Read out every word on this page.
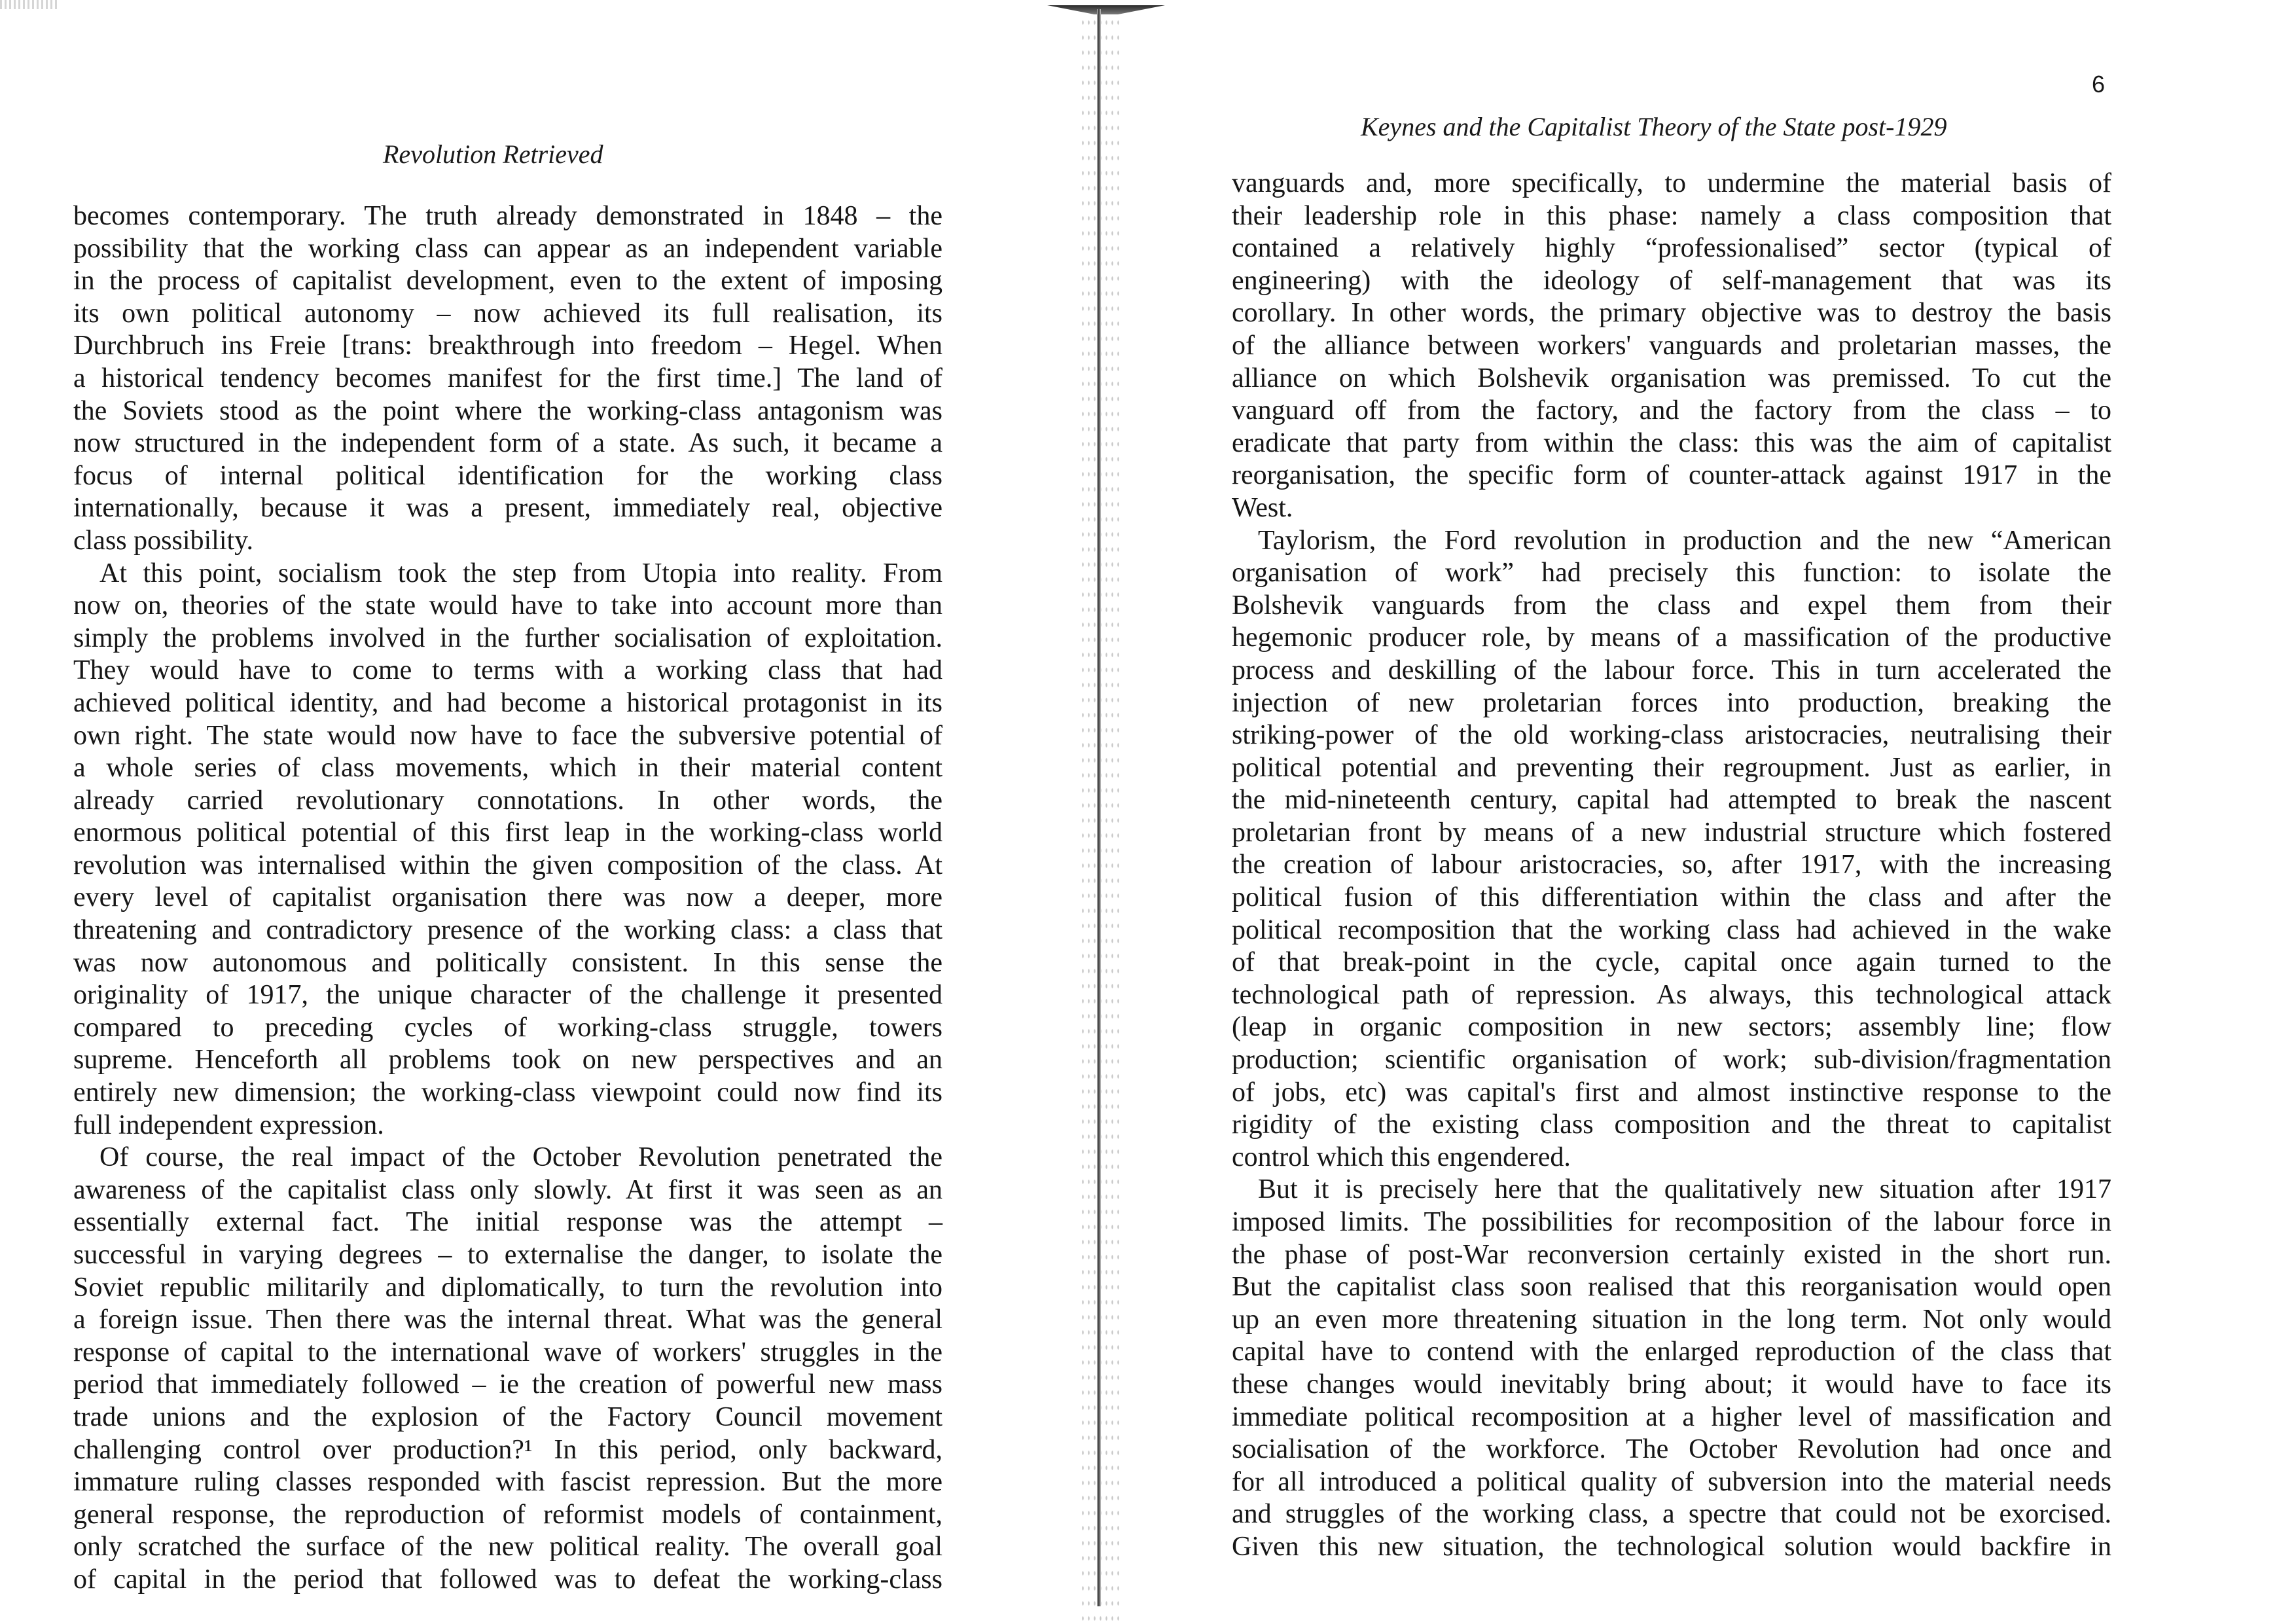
Revolution Retrieved
becomes contemporary. The truth already demonstrated in 1848 – the
possibility that the working class can appear as an independent variable
in the process of capitalist development, even to the extent of imposing
its own political autonomy – now achieved its full realisation, its
Durchbruch ins Freie [trans: breakthrough into freedom – Hegel. When
a historical tendency becomes manifest for the first time.] The land of
the Soviets stood as the point where the working-class antagonism was
now structured in the independent form of a state. As such, it became a
focus of internal political identification for the working class
internationally, because it was a present, immediately real, objective
class possibility.
At this point, socialism took the step from Utopia into reality. From
now on, theories of the state would have to take into account more than
simply the problems involved in the further socialisation of exploitation.
They would have to come to terms with a working class that had
achieved political identity, and had become a historical protagonist in its
own right. The state would now have to face the subversive potential of
a whole series of class movements, which in their material content
already carried revolutionary connotations. In other words, the
enormous political potential of this first leap in the working-class world
revolution was internalised within the given composition of the class. At
every level of capitalist organisation there was now a deeper, more
threatening and contradictory presence of the working class: a class that
was now autonomous and politically consistent. In this sense the
originality of 1917, the unique character of the challenge it presented
compared to preceding cycles of working-class struggle, towers
supreme. Henceforth all problems took on new perspectives and an
entirely new dimension; the working-class viewpoint could now find its
full independent expression.
Of course, the real impact of the October Revolution penetrated the
awareness of the capitalist class only slowly. At first it was seen as an
essentially external fact. The initial response was the attempt –
successful in varying degrees – to externalise the danger, to isolate the
Soviet republic militarily and diplomatically, to turn the revolution into
a foreign issue. Then there was the internal threat. What was the general
response of capital to the international wave of workers' struggles in the
period that immediately followed – ie the creation of powerful new mass
trade unions and the explosion of the Factory Council movement
challenging control over production?¹ In this period, only backward,
immature ruling classes responded with fascist repression. But the more
general response, the reproduction of reformist models of containment,
only scratched the surface of the new political reality. The overall goal
of capital in the period that followed was to defeat the working-class
6
Keynes and the Capitalist Theory of the State post-1929
vanguards and, more specifically, to undermine the material basis of
their leadership role in this phase: namely a class composition that
contained a relatively highly “professionalised” sector (typical of
engineering) with the ideology of self-management that was its
corollary. In other words, the primary objective was to destroy the basis
of the alliance between workers' vanguards and proletarian masses, the
alliance on which Bolshevik organisation was premissed. To cut the
vanguard off from the factory, and the factory from the class – to
eradicate that party from within the class: this was the aim of capitalist
reorganisation, the specific form of counter-attack against 1917 in the
West.
Taylorism, the Ford revolution in production and the new “American
organisation of work” had precisely this function: to isolate the
Bolshevik vanguards from the class and expel them from their
hegemonic producer role, by means of a massification of the productive
process and deskilling of the labour force. This in turn accelerated the
injection of new proletarian forces into production, breaking the
striking-power of the old working-class aristocracies, neutralising their
political potential and preventing their regroupment. Just as earlier, in
the mid-nineteenth century, capital had attempted to break the nascent
proletarian front by means of a new industrial structure which fostered
the creation of labour aristocracies, so, after 1917, with the increasing
political fusion of this differentiation within the class and after the
political recomposition that the working class had achieved in the wake
of that break-point in the cycle, capital once again turned to the
technological path of repression. As always, this technological attack
(leap in organic composition in new sectors; assembly line; flow
production; scientific organisation of work; sub-division/fragmentation
of jobs, etc) was capital's first and almost instinctive response to the
rigidity of the existing class composition and the threat to capitalist
control which this engendered.
But it is precisely here that the qualitatively new situation after 1917
imposed limits. The possibilities for recomposition of the labour force in
the phase of post-War reconversion certainly existed in the short run.
But the capitalist class soon realised that this reorganisation would open
up an even more threatening situation in the long term. Not only would
capital have to contend with the enlarged reproduction of the class that
these changes would inevitably bring about; it would have to face its
immediate political recomposition at a higher level of massification and
socialisation of the workforce. The October Revolution had once and
for all introduced a political quality of subversion into the material needs
and struggles of the working class, a spectre that could not be exorcised.
Given this new situation, the technological solution would backfire in
